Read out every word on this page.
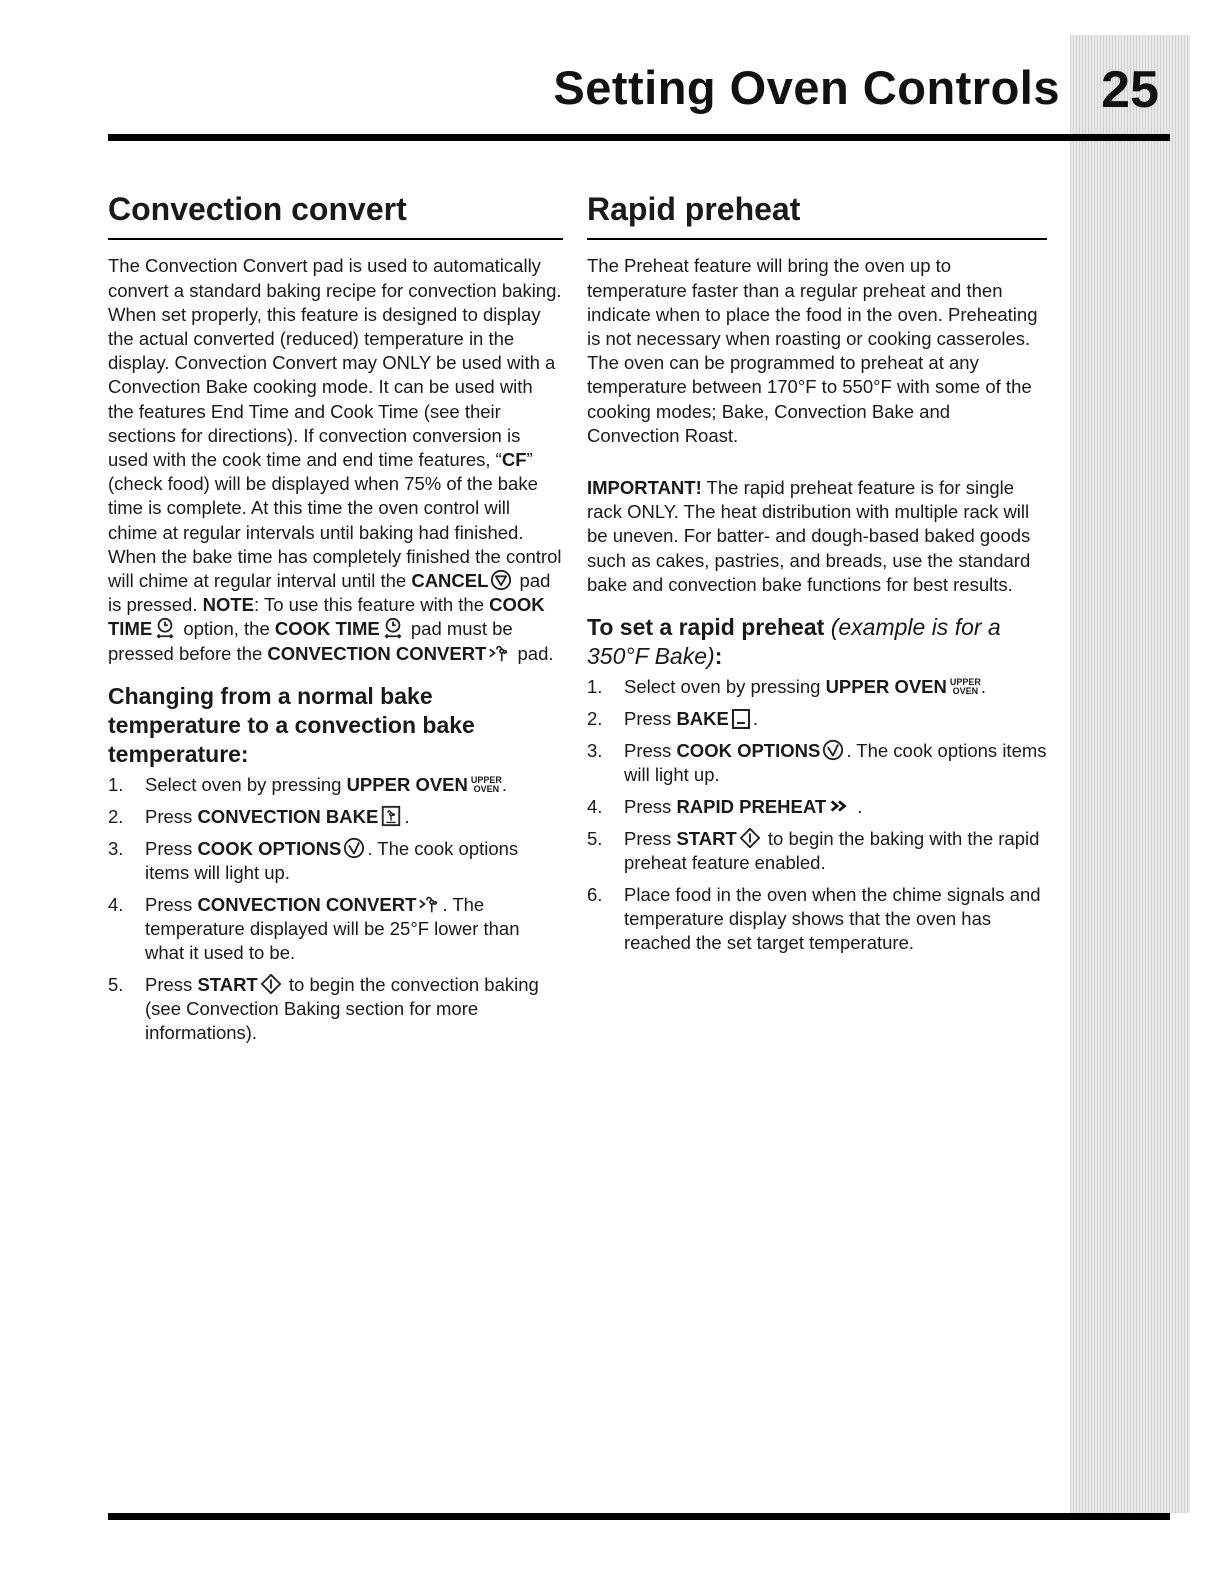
Setting Oven Controls 25
Convection convert

The Convection Convert pad is used to automatically convert a standard baking recipe for convection baking. When set properly, this feature is designed to display the actual converted (reduced) temperature in the display. Convection Convert may ONLY be used with a Convection Bake cooking mode. It can be used with the features End Time and Cook Time (see their sections for directions). If convection conversion is used with the cook time and end time features, “CF” (check food) will be displayed when 75% of the bake time is complete. At this time the oven control will chime at regular intervals until baking had finished. When the bake time has completely finished the control will chime at regular interval until the CANCEL
pad is pressed. NOTE: To use this feature with the COOK TIME
option, the COOK TIME
pad must be pressed before the CONVECTION CONVERT
pad.

Changing from a normal bake temperature to a convection bake temperature:
1. Select oven by pressing UPPER OVEN UPPER
OVEN .
2. Press CONVECTION BAKE .
3. Press COOK OPTIONS . The cook options items will light up.
4. Press CONVECTION CONVERT . The temperature displayed will be 25°F lower than what it used to be.
5. Press START
to begin the convection baking (see Convection Baking section for more informations).
Rapid preheat

The Preheat feature will bring the oven up to temperature faster than a regular preheat and then indicate when to place the food in the oven. Preheating is not necessary when roasting or cooking casseroles. The oven can be programmed to preheat at any temperature between 170°F to 550°F with some of the cooking modes; Bake, Convection Bake and Convection Roast.

IMPORTANT! The rapid preheat feature is for single rack ONLY. The heat distribution with multiple rack will be uneven. For batter- and dough-based baked goods such as cakes, pastries, and breads, use the standard bake and convection bake functions for best results.

To set a rapid preheat (example is for a 350°F Bake):
1. Select oven by pressing UPPER OVEN UPPER
OVEN .
2. Press BAKE .
3. Press COOK OPTIONS . The cook options items will light up.
4. Press RAPID PREHEAT
.
5. Press START
to begin the baking with the rapid preheat feature enabled.
6. Place food in the oven when the chime signals and temperature display shows that the oven has reached the set target temperature.
